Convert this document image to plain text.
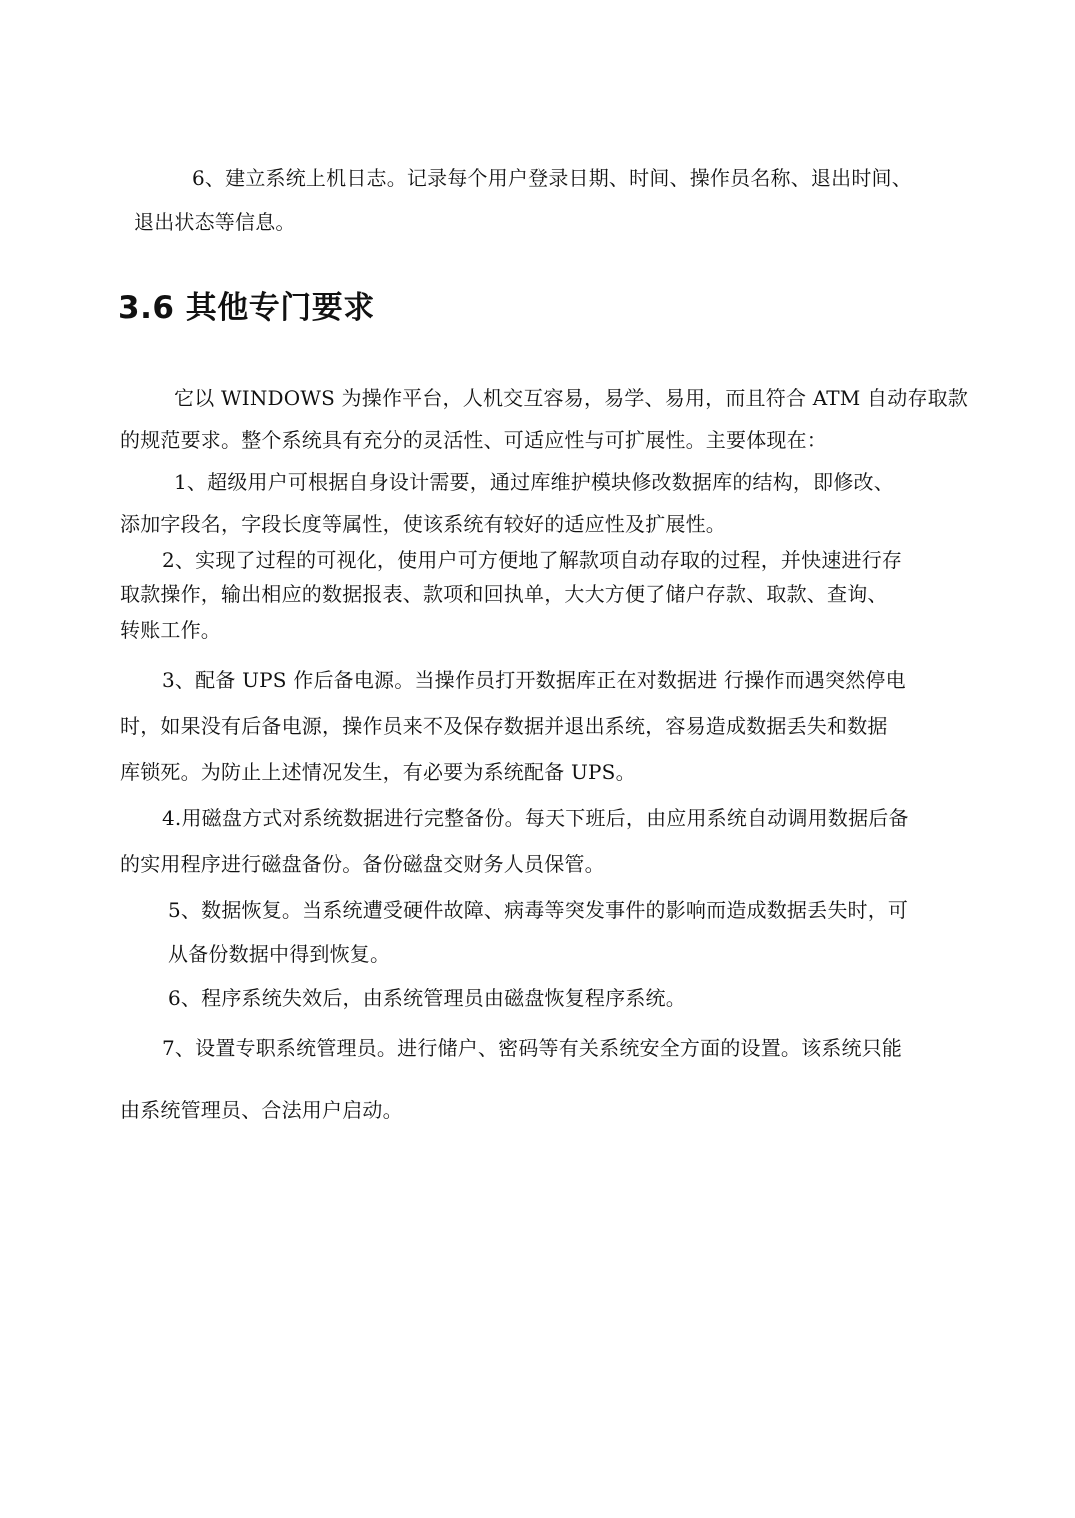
6、建立系统上机日志。记录每个用户登录日期、时间、操作员名称、退出时间、
退出状态等信息。
3.6 其他专门要求
它以 WINDOWS 为操作平台，人机交互容易，易学、易用，而且符合 ATM 自动存取款
的规范要求。整个系统具有充分的灵活性、可适应性与可扩展性。主要体现在：
1、超级用户可根据自身设计需要，通过库维护模块修改数据库的结构，即修改、
添加字段名，字段长度等属性，使该系统有较好的适应性及扩展性。
2、实现了过程的可视化，使用户可方便地了解款项自动存取的过程，并快速进行存
取款操作，输出相应的数据报表、款项和回执单，大大方便了储户存款、取款、查询、
转账工作。
3、配备 UPS 作后备电源。当操作员打开数据库正在对数据进 行操作而遇突然停电
时，如果没有后备电源，操作员来不及保存数据并退出系统，容易造成数据丢失和数据
库锁死。为防止上述情况发生，有必要为系统配备 UPS。
4.用磁盘方式对系统数据进行完整备份。每天下班后，由应用系统自动调用数据后备
的实用程序进行磁盘备份。备份磁盘交财务人员保管。
5、数据恢复。当系统遭受硬件故障、病毒等突发事件的影响而造成数据丢失时，可
从备份数据中得到恢复。
6、程序系统失效后，由系统管理员由磁盘恢复程序系统。
7、设置专职系统管理员。进行储户、密码等有关系统安全方面的设置。该系统只能
由系统管理员、合法用户启动。
